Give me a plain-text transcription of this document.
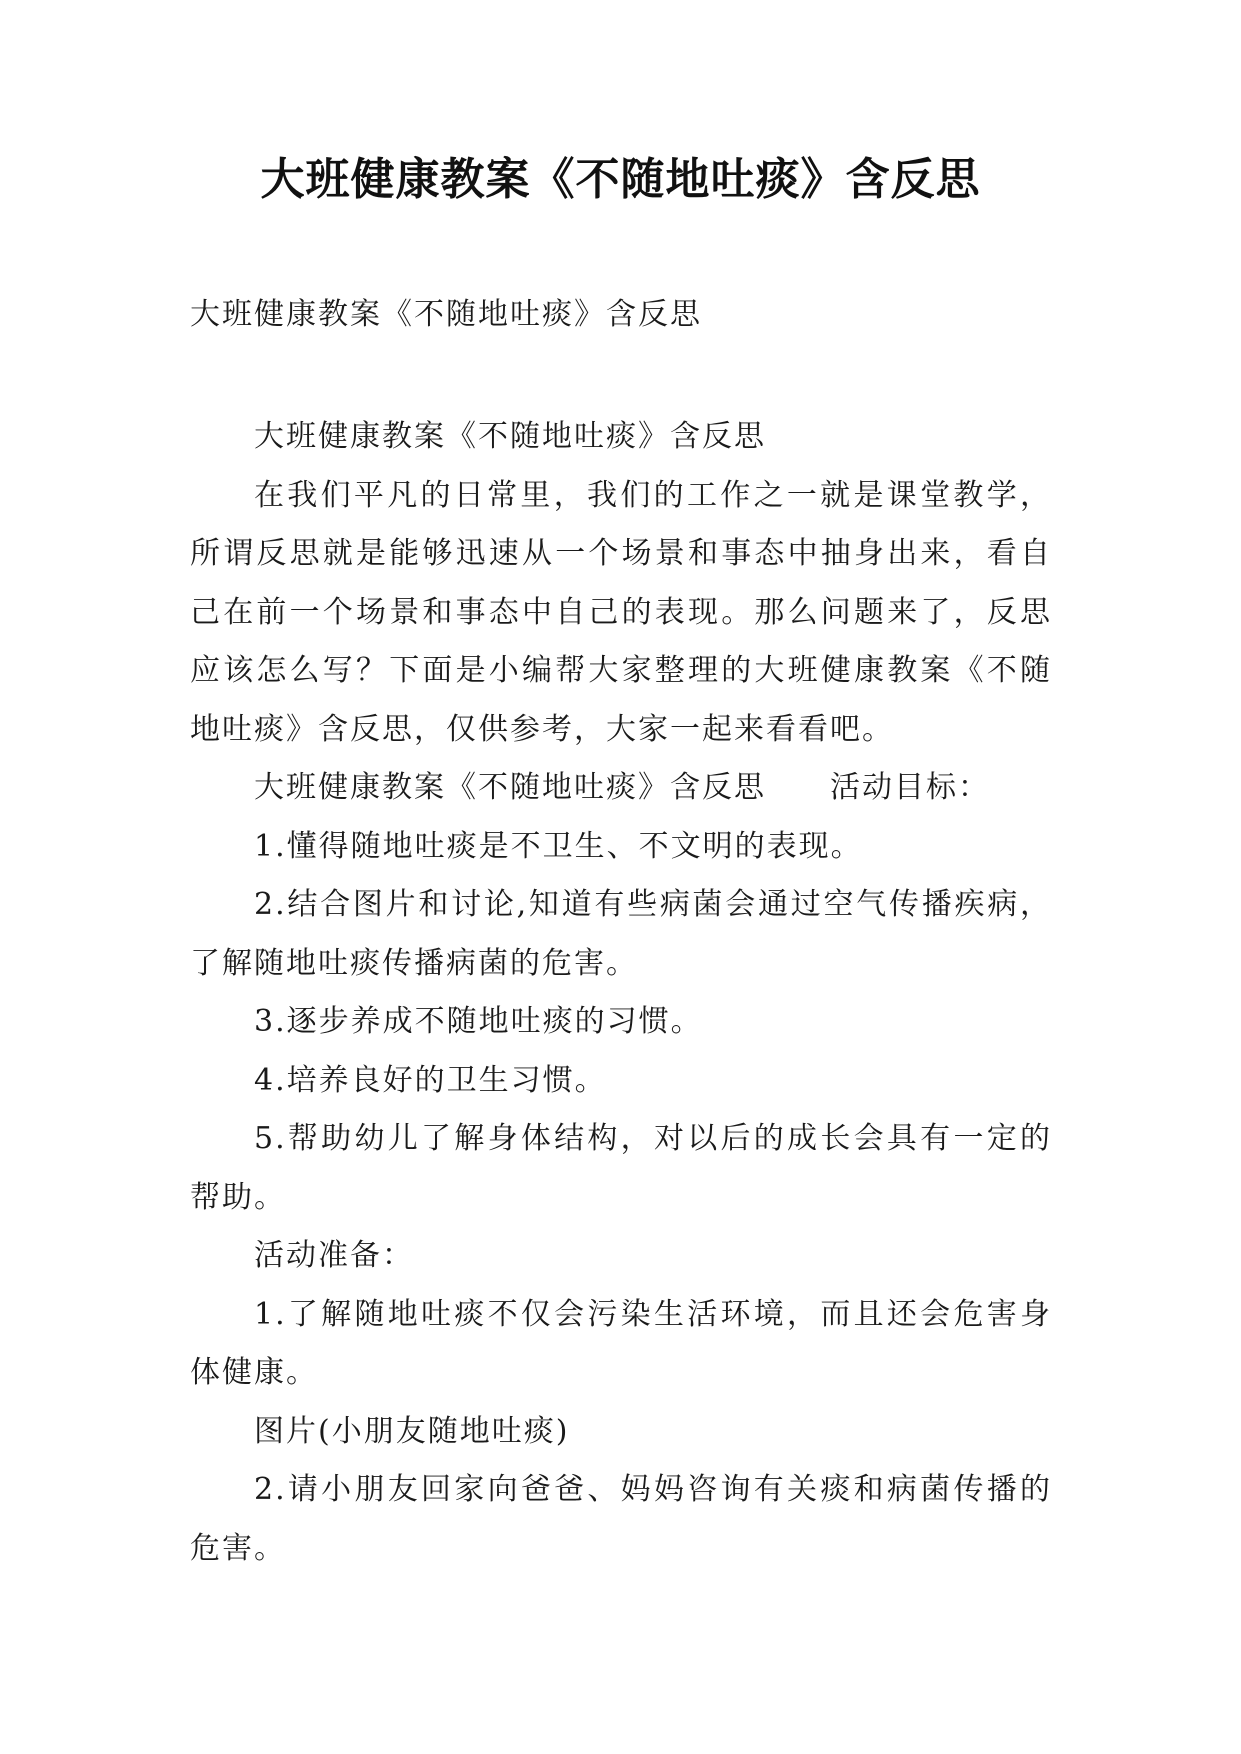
大班健康教案《不随地吐痰》含反思
大班健康教案《不随地吐痰》含反思

大班健康教案《不随地吐痰》含反思

在我们平凡的日常里，我们的工作之一就是课堂教学，所谓反思就是能够迅速从一个场景和事态中抽身出来，看自己在前一个场景和事态中自己的表现。那么问题来了，反思应该怎么写？下面是小编帮大家整理的大班健康教案《不随地吐痰》含反思，仅供参考，大家一起来看看吧。

大班健康教案《不随地吐痰》含反思　　活动目标：

1.懂得随地吐痰是不卫生、不文明的表现。

2.结合图片和讨论,知道有些病菌会通过空气传播疾病，了解随地吐痰传播病菌的危害。

3.逐步养成不随地吐痰的习惯。

4.培养良好的卫生习惯。

5.帮助幼儿了解身体结构，对以后的成长会具有一定的帮助。

活动准备：

1.了解随地吐痰不仅会污染生活环境，而且还会危害身体健康。

图片(小朋友随地吐痰)

2.请小朋友回家向爸爸、妈妈咨询有关痰和病菌传播的危害。
